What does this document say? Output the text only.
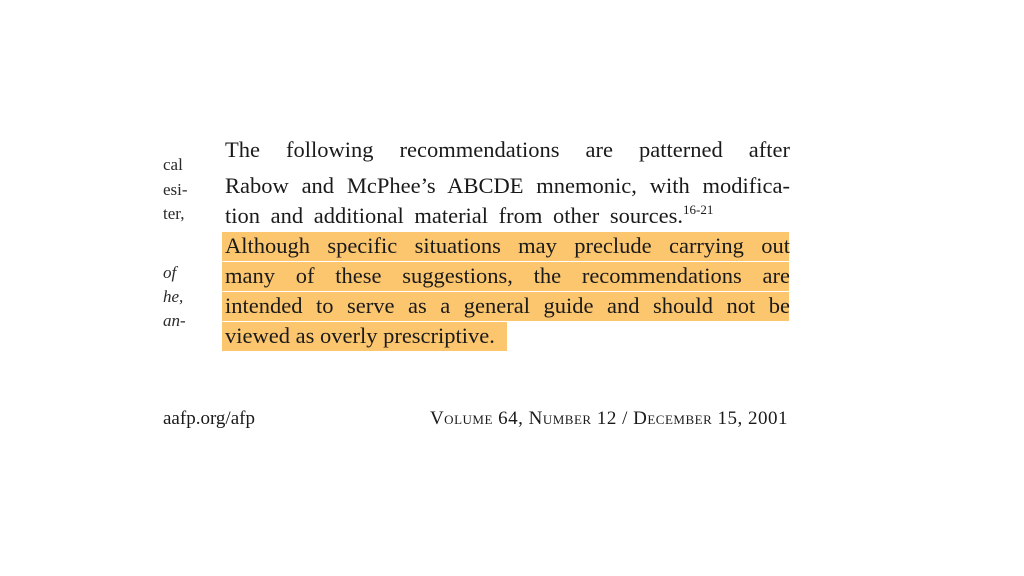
cal
esi-
ter,
of
he,
an-
The following recommendations are patterned after
Rabow and McPhee’s ABCDE mnemonic, with modifica-
tion and additional material from other sources.$^{16-21}$
Although specific situations may preclude carrying out
many of these suggestions, the recommendations are
intended to serve as a general guide and should not be
viewed as overly prescriptive.
aafp.org/afp	Volume 64, Number 12 / December 15, 2001
